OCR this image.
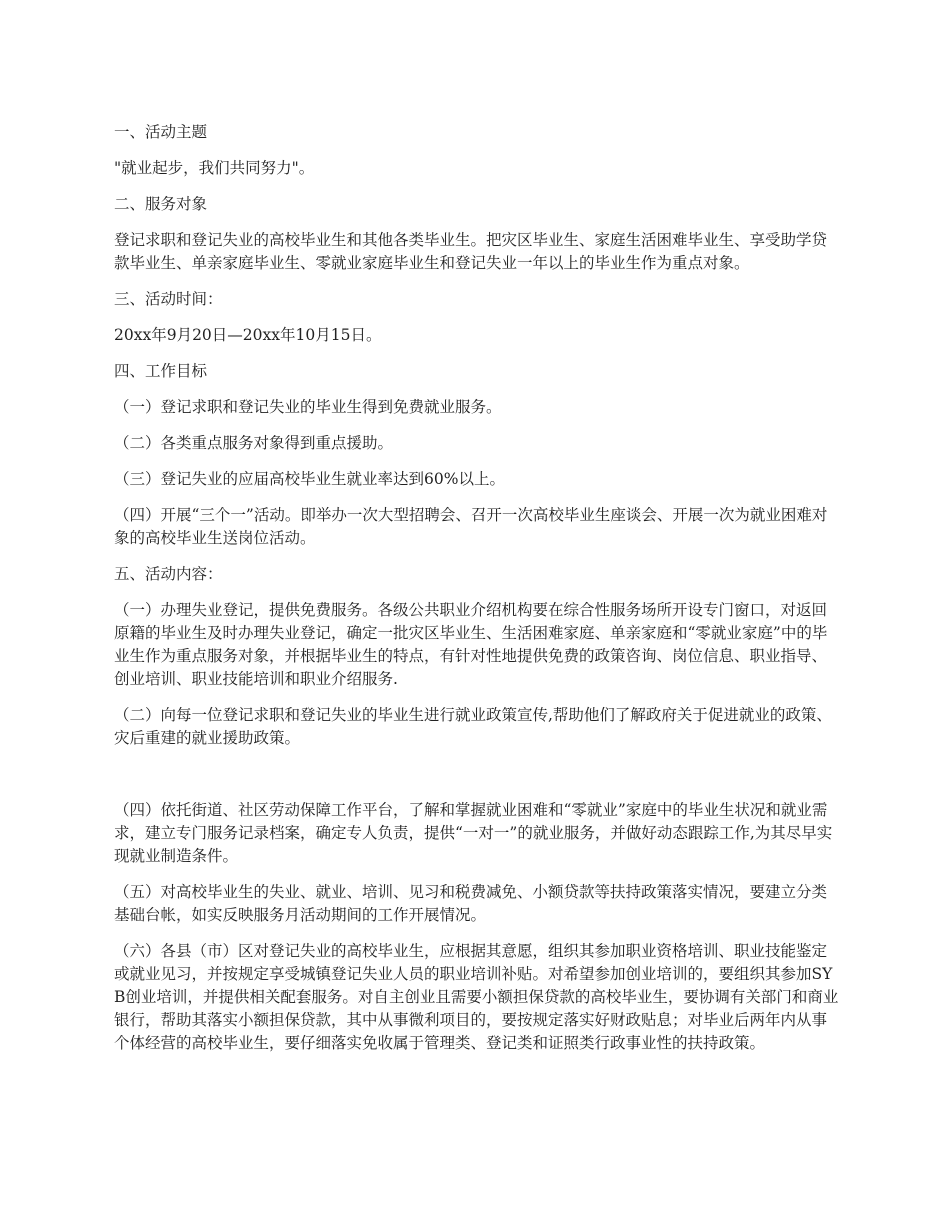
一、活动主题

"就业起步，我们共同努力"。

二、服务对象

登记求职和登记失业的高校毕业生和其他各类毕业生。把灾区毕业生、家庭生活困难毕业生、享受助学贷款毕业生、单亲家庭毕业生、零就业家庭毕业生和登记失业一年以上的毕业生作为重点对象。

三、活动时间：

20xx年9月20日—20xx年10月15日。

四、工作目标

（一）登记求职和登记失业的毕业生得到免费就业服务。

（二）各类重点服务对象得到重点援助。

（三）登记失业的应届高校毕业生就业率达到60%以上。

（四）开展“三个一”活动。即举办一次大型招聘会、召开一次高校毕业生座谈会、开展一次为就业困难对象的高校毕业生送岗位活动。

五、活动内容：

（一）办理失业登记，提供免费服务。各级公共职业介绍机构要在综合性服务场所开设专门窗口，对返回原籍的毕业生及时办理失业登记，确定一批灾区毕业生、生活困难家庭、单亲家庭和“零就业家庭”中的毕业生作为重点服务对象，并根据毕业生的特点，有针对性地提供免费的政策咨询、岗位信息、职业指导、创业培训、职业技能培训和职业介绍服务.

（二）向每一位登记求职和登记失业的毕业生进行就业政策宣传,帮助他们了解政府关于促进就业的政策、灾后重建的就业援助政策。

（四）依托街道、社区劳动保障工作平台，了解和掌握就业困难和“零就业”家庭中的毕业生状况和就业需求，建立专门服务记录档案，确定专人负责，提供“一对一”的就业服务，并做好动态跟踪工作,为其尽早实现就业制造条件。

（五）对高校毕业生的失业、就业、培训、见习和税费减免、小额贷款等扶持政策落实情况，要建立分类基础台帐，如实反映服务月活动期间的工作开展情况。

（六）各县（市）区对登记失业的高校毕业生，应根据其意愿，组织其参加职业资格培训、职业技能鉴定或就业见习，并按规定享受城镇登记失业人员的职业培训补贴。对希望参加创业培训的，要组织其参加SYB创业培训，并提供相关配套服务。对自主创业且需要小额担保贷款的高校毕业生，要协调有关部门和商业银行，帮助其落实小额担保贷款，其中从事微利项目的，要按规定落实好财政贴息；对毕业后两年内从事个体经营的高校毕业生，要仔细落实免收属于管理类、登记类和证照类行政事业性的扶持政策。
